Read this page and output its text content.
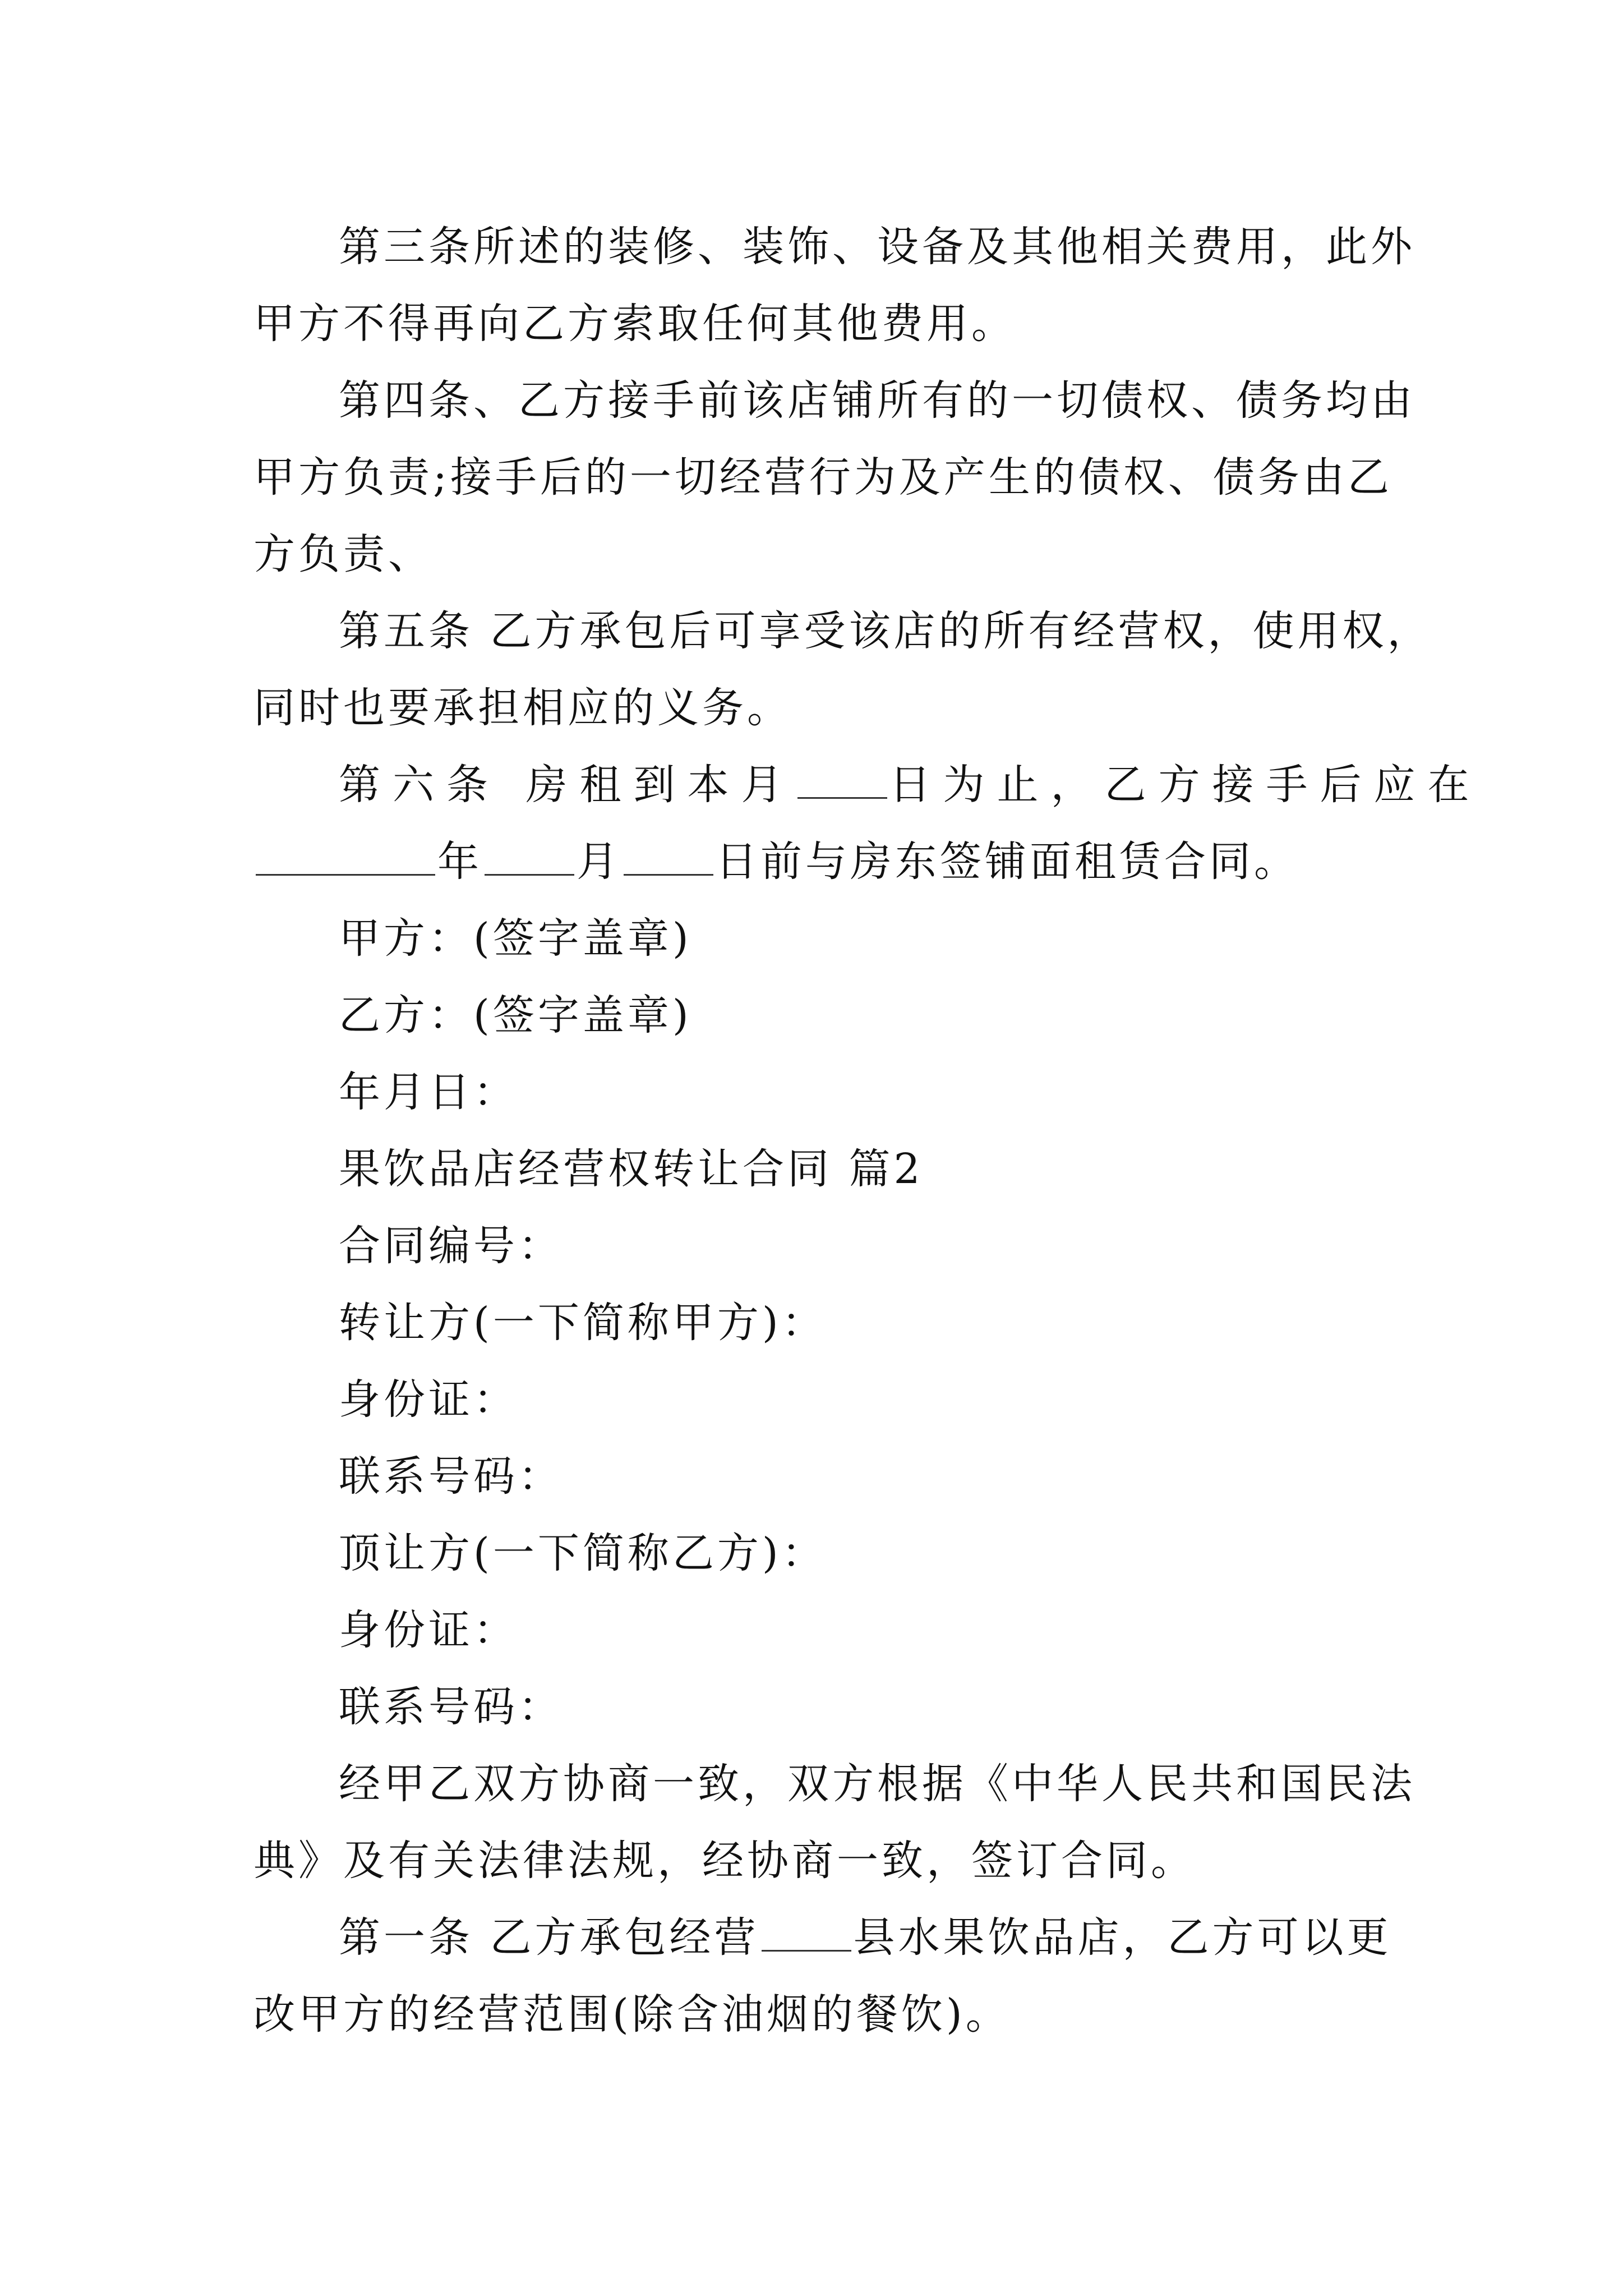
第三条所述的装修、装饰、设备及其他相关费用，此外
甲方不得再向乙方索取任何其他费用。
第四条、乙方接手前该店铺所有的一切债权、债务均由
甲方负责;接手后的一切经营行为及产生的债权、债务由乙
方负责、
第五条 乙方承包后可享受该店的所有经营权，使用权，
同时也要承担相应的义务。
第六条 房租到本月 日为止，乙方接手后应在
年 月 日前与房东签铺面租赁合同。
甲方：(签字盖章)
乙方：(签字盖章)
年月日：
果饮品店经营权转让合同 篇2
合同编号：
转让方(一下简称甲方)：
身份证：
联系号码：
顶让方(一下简称乙方)：
身份证：
联系号码：
经甲乙双方协商一致，双方根据《中华人民共和国民法
典》及有关法律法规，经协商一致，签订合同。
第一条 乙方承包经营 县水果饮品店，乙方可以更
改甲方的经营范围(除含油烟的餐饮)。
